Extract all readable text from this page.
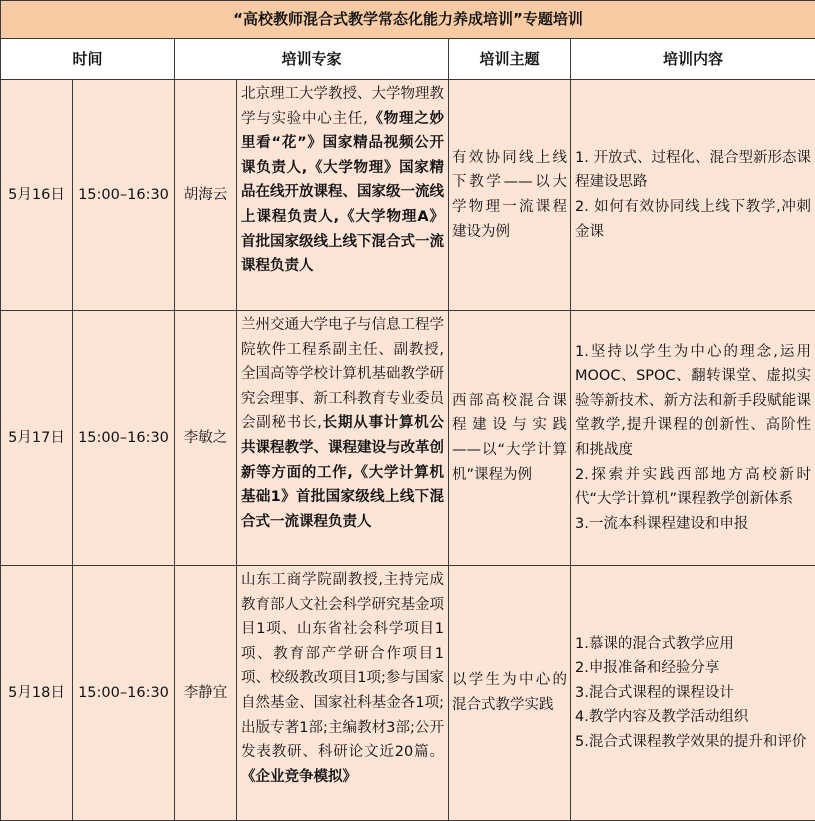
“高校教师混合式教学常态化能力养成培训”专题培训					
时间		培训专家		培训主题	培训内容
5月16日	15:00–16:30	胡海云	北京理工大学教授、大学物理教学与实验中心主任,《物理之妙里看“花”》国家精品视频公开课负责人,《大学物理》国家精品在线开放课程、国家级一流线上课程负责人,《大学物理A》首批国家级线上线下混合式一流课程负责人	有效协同线上线下教学——以大学物理一流课程建设为例	1. 开放式、过程化、混合型新形态课程建设思路
2. 如何有效协同线上线下教学,冲刺金课

5月17日	15:00–16:30	李敏之	兰州交通大学电子与信息工程学院软件工程系副主任、副教授,全国高等学校计算机基础教学研究会理事、新工科教育专业委员会副秘书长,长期从事计算机公共课程教学、课程建设与改革创新等方面的工作,《大学计算机基础1》首批国家级线上线下混合式一流课程负责人	西部高校混合课程建设与实践——以“大学计算机”课程为例	1.坚持以学生为中心的理念,运用MOOC、SPOC、翻转课堂、虚拟实验等新技术、新方法和新手段赋能课堂教学,提升课程的创新性、高阶性和挑战度
2.探索并实践西部地方高校新时代“大学计算机”课程教学创新体系
3.一流本科课程建设和申报

5月18日	15:00–16:30	李静宜	山东工商学院副教授,主持完成教育部人文社会科学研究基金项目1项、山东省社会科学项目1项、教育部产学研合作项目1项、校级教改项目1项;参与国家自然基金、国家社科基金各1项;出版专著1部;主编教材3部;公开发表教研、科研论文近20篇。《企业竞争模拟》	以学生为中心的混合式教学实践	1.慕课的混合式教学应用
2.申报准备和经验分享
3.混合式课程的课程设计
4.教学内容及教学活动组织
5.混合式课程教学效果的提升和评价
